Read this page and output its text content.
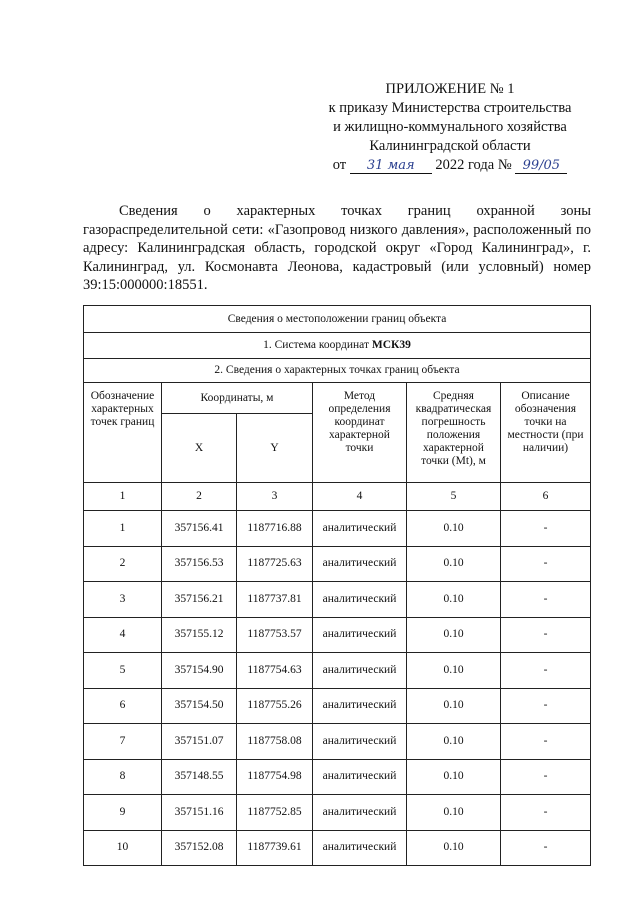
ПРИЛОЖЕНИЕ № 1
к приказу Министерства строительства
и жилищно-коммунального хозяйства
Калининградской области
от 31 мая 2022 года № 99/05
Сведения о характерных точках границ охранной зоны газораспределительной сети: «Газопровод низкого давления», расположенный по адресу: Калининградская область, городской округ «Город Калининград», г. Калининград, ул. Космонавта Леонова, кадастровый (или условный) номер 39:15:000000:18551.
Сведения о местоположении границ объекта					
1. Система координат МСК39					
2. Сведения о характерных точках границ объекта					
Обозначение характерных точек границ	Координаты, м		Метод определения координат характерной точки	Средняя квадратическая погрешность положения характерной точки (Mt), м	Описание обозначения точки на местности (при наличии)
	X	Y			
1	2	3	4	5	6
1	357156.41	1187716.88	аналитический	0.10	-
2	357156.53	1187725.63	аналитический	0.10	-
3	357156.21	1187737.81	аналитический	0.10	-
4	357155.12	1187753.57	аналитический	0.10	-
5	357154.90	1187754.63	аналитический	0.10	-
6	357154.50	1187755.26	аналитический	0.10	-
7	357151.07	1187758.08	аналитический	0.10	-
8	357148.55	1187754.98	аналитический	0.10	-
9	357151.16	1187752.85	аналитический	0.10	-
10	357152.08	1187739.61	аналитический	0.10	-
